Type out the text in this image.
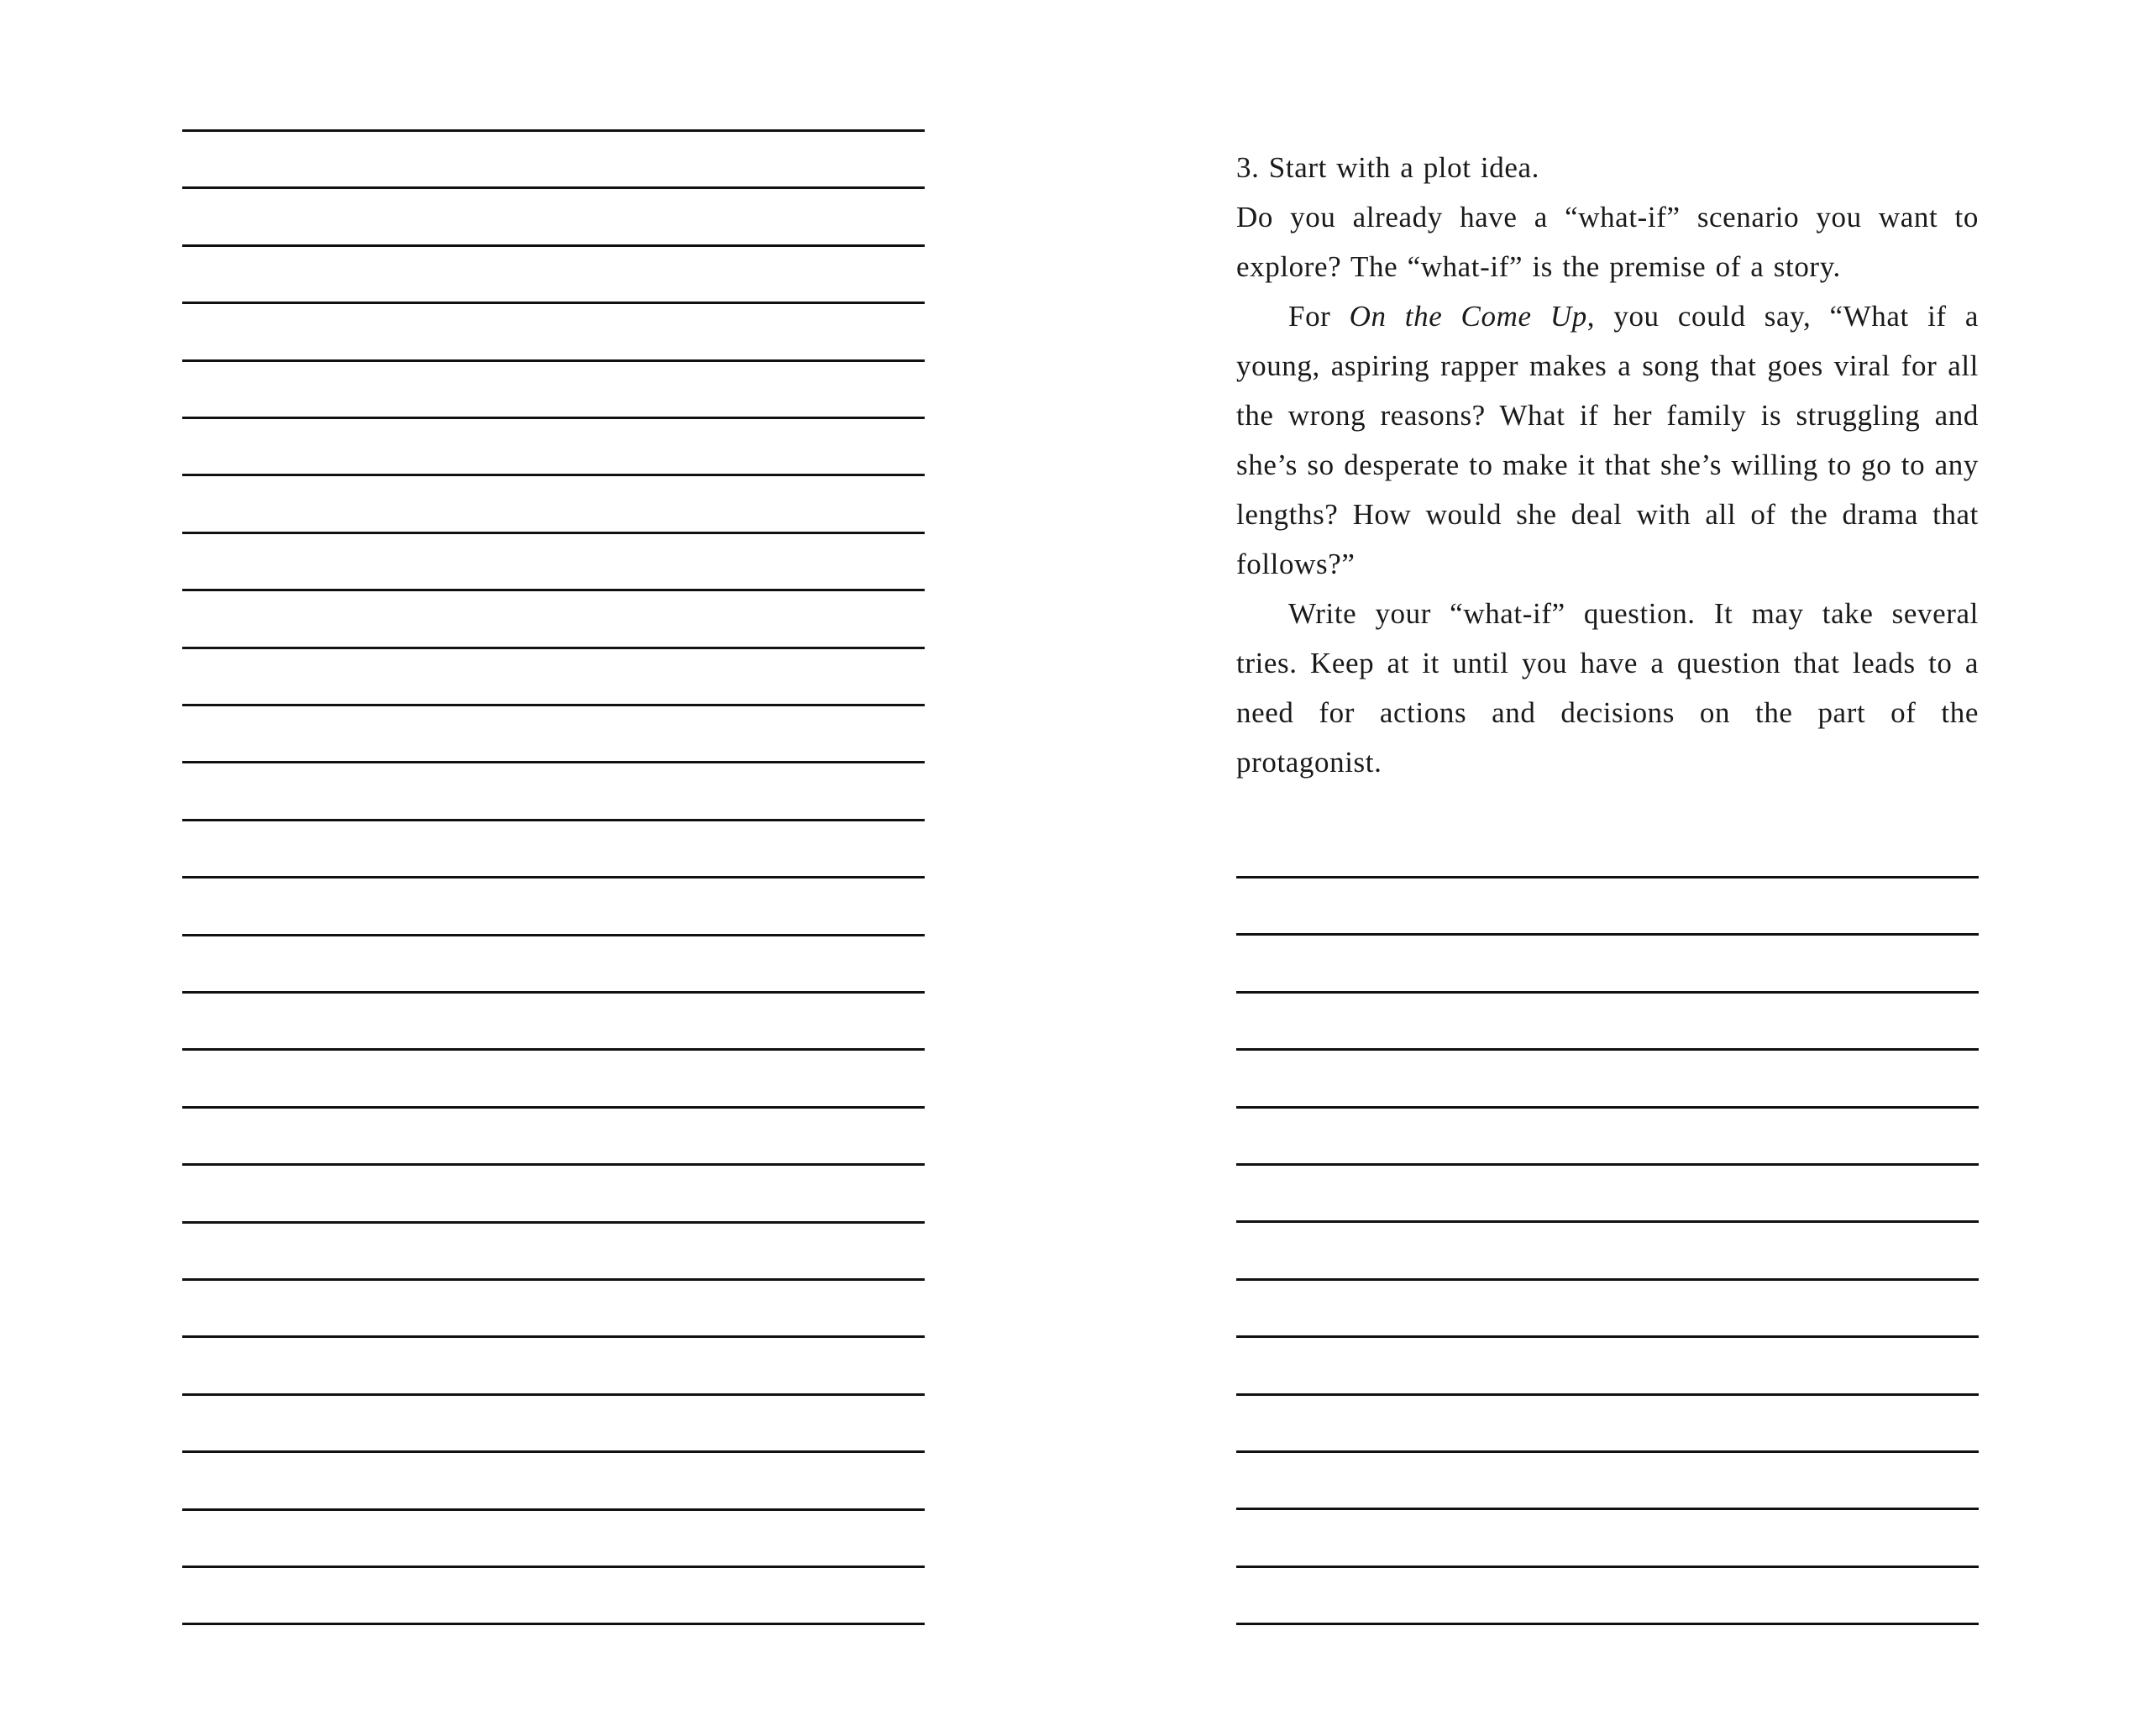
3. Start with a plot idea.

Do you already have a “what-if” scenario you want to explore? The “what-if” is the premise of a story.

For On the Come Up, you could say, “What if a young, aspiring rapper makes a song that goes viral for all the wrong reasons? What if her family is struggling and she’s so desperate to make it that she’s willing to go to any lengths? How would she deal with all of the drama that follows?”

Write your “what-if” question. It may take several tries. Keep at it until you have a question that leads to a need for actions and decisions on the part of the protagonist.
